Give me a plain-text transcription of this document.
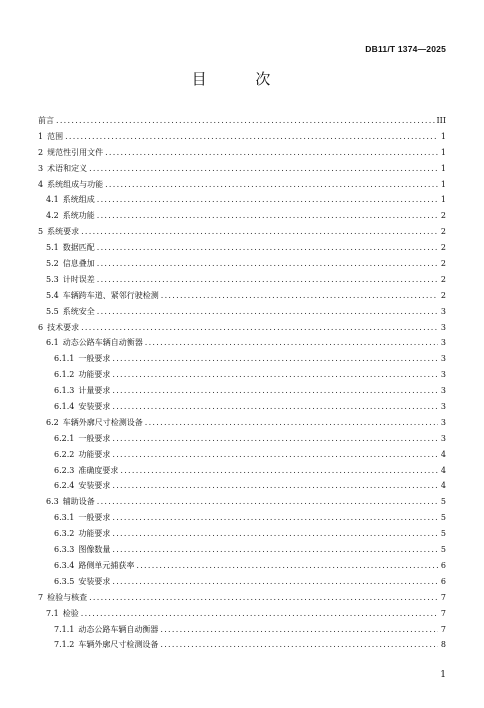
DB11/T 1374—2025
目 次
前言 .....	III
1 范围 .....	1
2 规范性引用文件 .....	1
3 术语和定义 .....	1
4 系统组成与功能 .....	1
4.1 系统组成 .....	1
4.2 系统功能 .....	2
5 系统要求 .....	2
5.1 数据匹配 .....	2
5.2 信息叠加 .....	2
5.3 计时误差 .....	2
5.4 车辆跨车道、紧邻行驶检测 .....	2
5.5 系统安全 .....	3
6 技术要求 .....	3
6.1 动态公路车辆自动衡器 .....	3
6.1.1 一般要求 .....	3
6.1.2 功能要求 .....	3
6.1.3 计量要求 .....	3
6.1.4 安装要求 .....	3
6.2 车辆外廓尺寸检测设备 .....	3
6.2.1 一般要求 .....	3
6.2.2 功能要求 .....	4
6.2.3 准确度要求 .....	4
6.2.4 安装要求 .....	4
6.3 辅助设备 .....	5
6.3.1 一般要求 .....	5
6.3.2 功能要求 .....	5
6.3.3 图像数量 .....	5
6.3.4 路侧单元捕获率 .....	6
6.3.5 安装要求 .....	6
7 检验与核查 .....	7
7.1 检验 .....	7
7.1.1 动态公路车辆自动衡器 .....	7
7.1.2 车辆外廓尺寸检测设备 .....	8
1
